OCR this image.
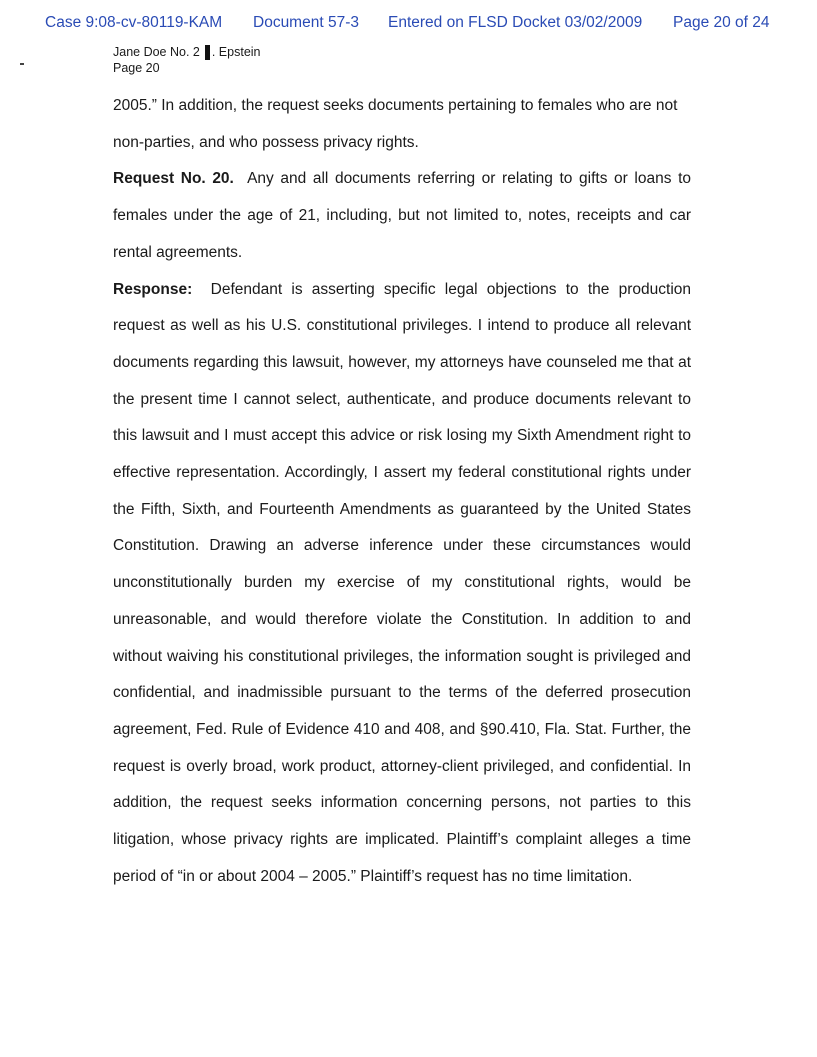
Case 9:08-cv-80119-KAM Document 57-3 Entered on FLSD Docket 03/02/2009 Page 20 of 24
Jane Doe No. 2 . Epstein
Page 20

2005.” In addition, the request seeks documents pertaining to females who are not non-parties, and who possess privacy rights.

Request No. 20. Any and all documents referring or relating to gifts or loans to females under the age of 21, including, but not limited to, notes, receipts and car rental agreements.

Response: Defendant is asserting specific legal objections to the production request as well as his U.S. constitutional privileges. I intend to produce all relevant documents regarding this lawsuit, however, my attorneys have counseled me that at the present time I cannot select, authenticate, and produce documents relevant to this lawsuit and I must accept this advice or risk losing my Sixth Amendment right to effective representation. Accordingly, I assert my federal constitutional rights under the Fifth, Sixth, and Fourteenth Amendments as guaranteed by the United States Constitution. Drawing an adverse inference under these circumstances would unconstitutionally burden my exercise of my constitutional rights, would be unreasonable, and would therefore violate the Constitution. In addition to and without waiving his constitutional privileges, the information sought is privileged and confidential, and inadmissible pursuant to the terms of the deferred prosecution agreement, Fed. Rule of Evidence 410 and 408, and §90.410, Fla. Stat. Further, the request is overly broad, work product, attorney-client privileged, and confidential. In addition, the request seeks information concerning persons, not parties to this litigation, whose privacy rights are implicated. Plaintiff’s complaint alleges a time period of “in or about 2004 – 2005.” Plaintiff’s request has no time limitation.
